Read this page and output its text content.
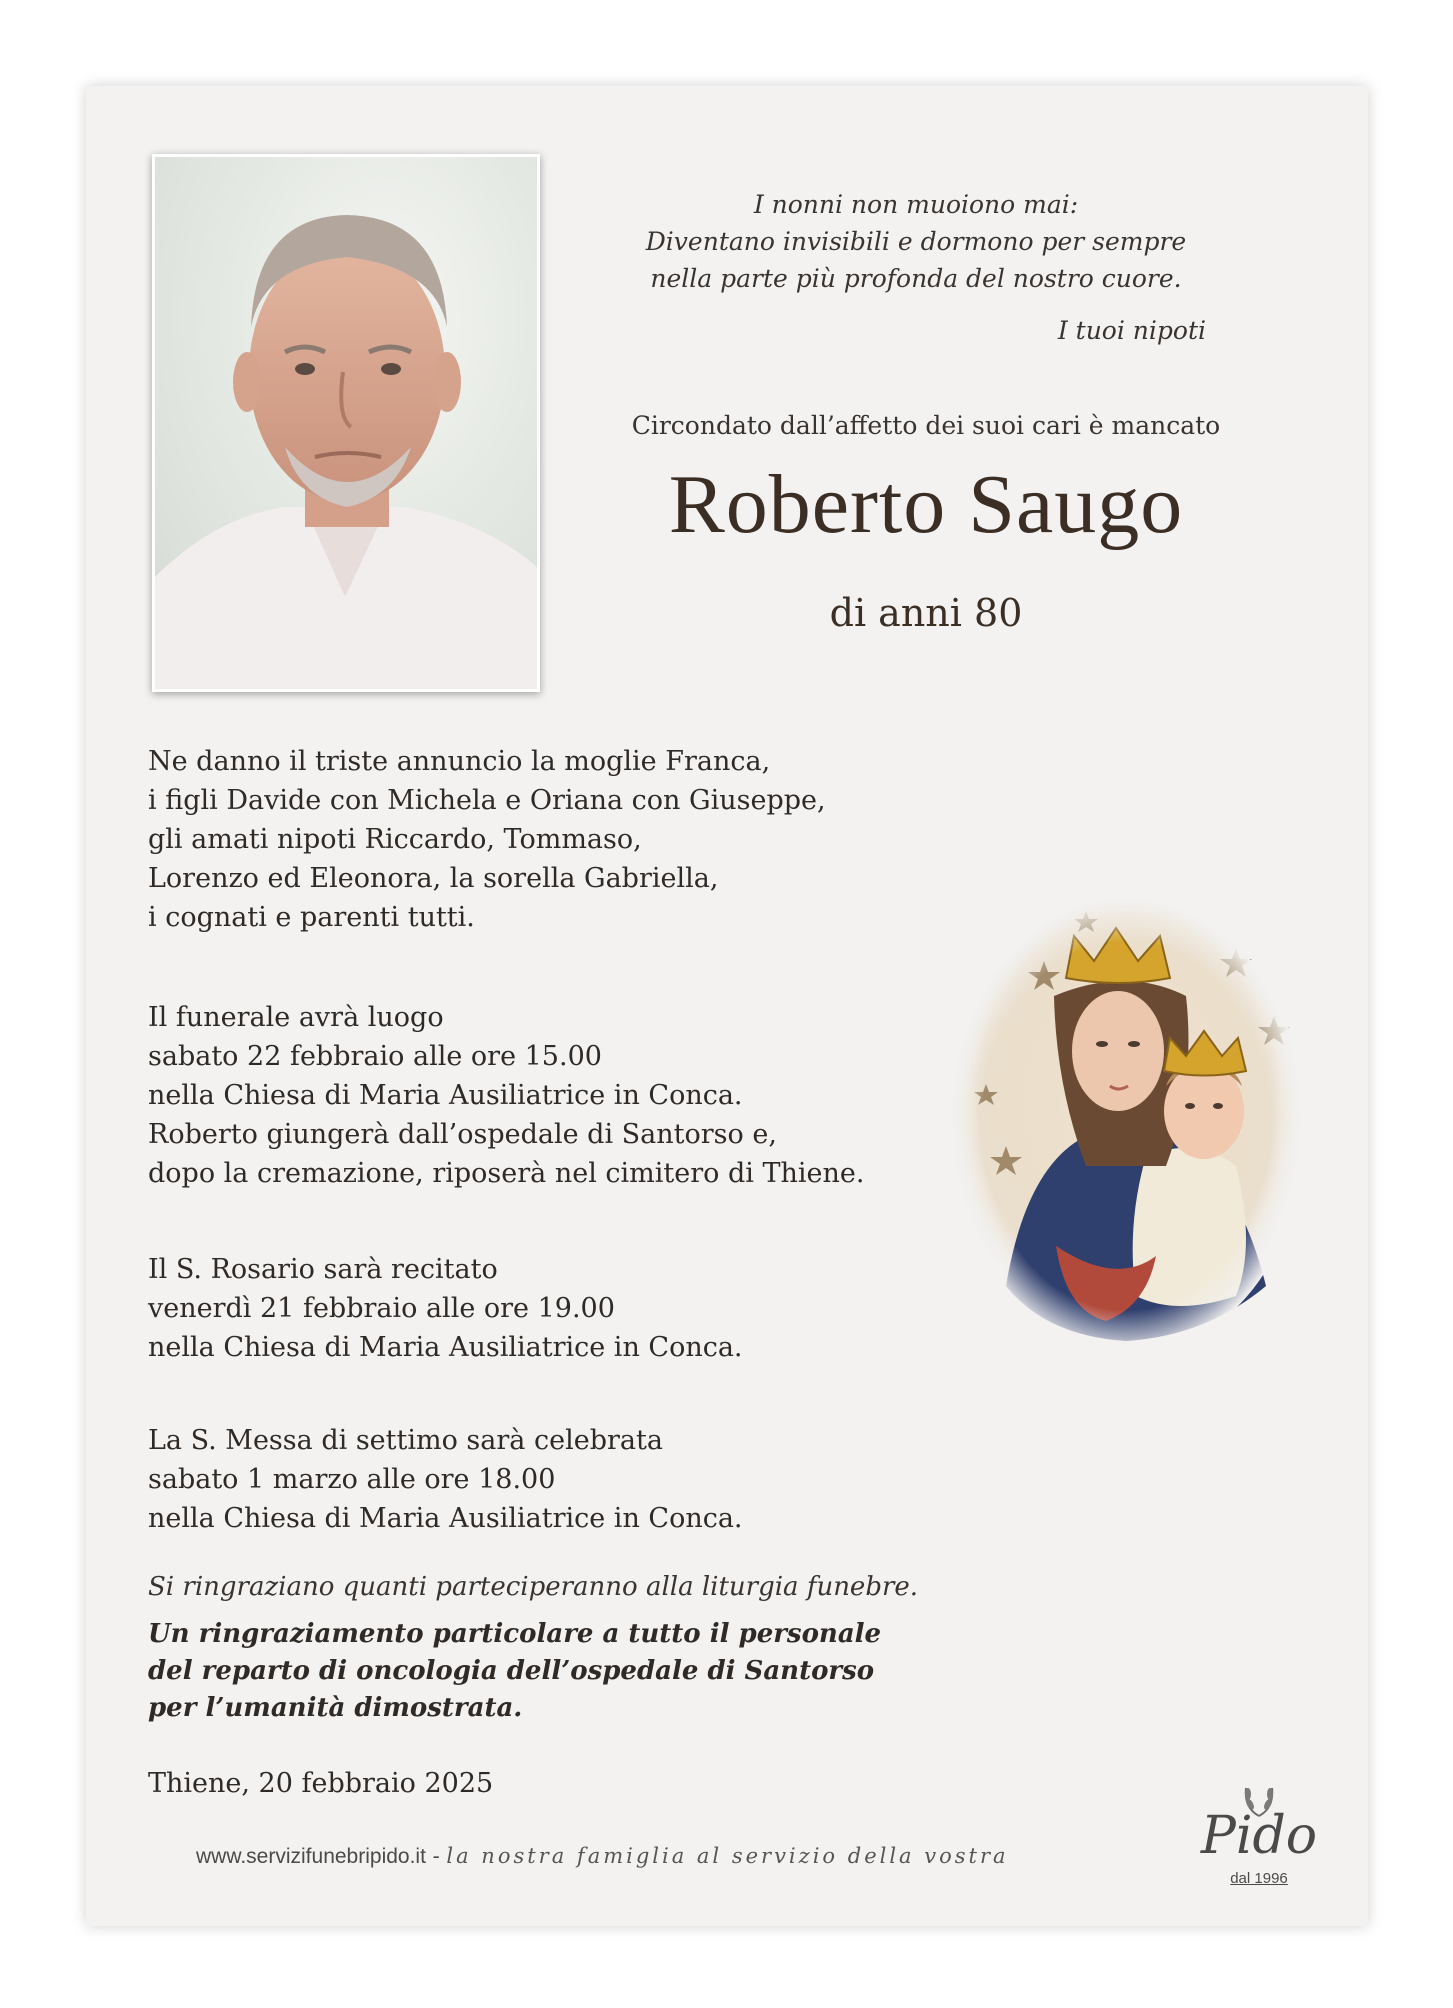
I nonni non muoiono mai:
Diventano invisibili e dormono per sempre
nella parte più profonda del nostro cuore.
I tuoi nipoti
Circondato dall’affetto dei suoi cari è mancato
Roberto Saugo
di anni 80
Ne danno il triste annuncio la moglie Franca,
i figli Davide con Michela e Oriana con Giuseppe,
gli amati nipoti Riccardo, Tommaso,
Lorenzo ed Eleonora, la sorella Gabriella,
i cognati e parenti tutti.
Il funerale avrà luogo
sabato 22 febbraio alle ore 15.00
nella Chiesa di Maria Ausiliatrice in Conca.
Roberto giungerà dall’ospedale di Santorso e,
dopo la cremazione, riposerà nel cimitero di Thiene.
Il S. Rosario sarà recitato
venerdì 21 febbraio alle ore 19.00
nella Chiesa di Maria Ausiliatrice in Conca.
La S. Messa di settimo sarà celebrata
sabato 1 marzo alle ore 18.00
nella Chiesa di Maria Ausiliatrice in Conca.
Si ringraziano quanti parteciperanno alla liturgia funebre.
Un ringraziamento particolare a tutto il personale
del reparto di oncologia dell’ospedale di Santorso
per l’umanità dimostrata.
Thiene, 20 febbraio 2025
www.servizifunebripido.it - la nostra famiglia al servizio della vostra	Pido
dal 1996
